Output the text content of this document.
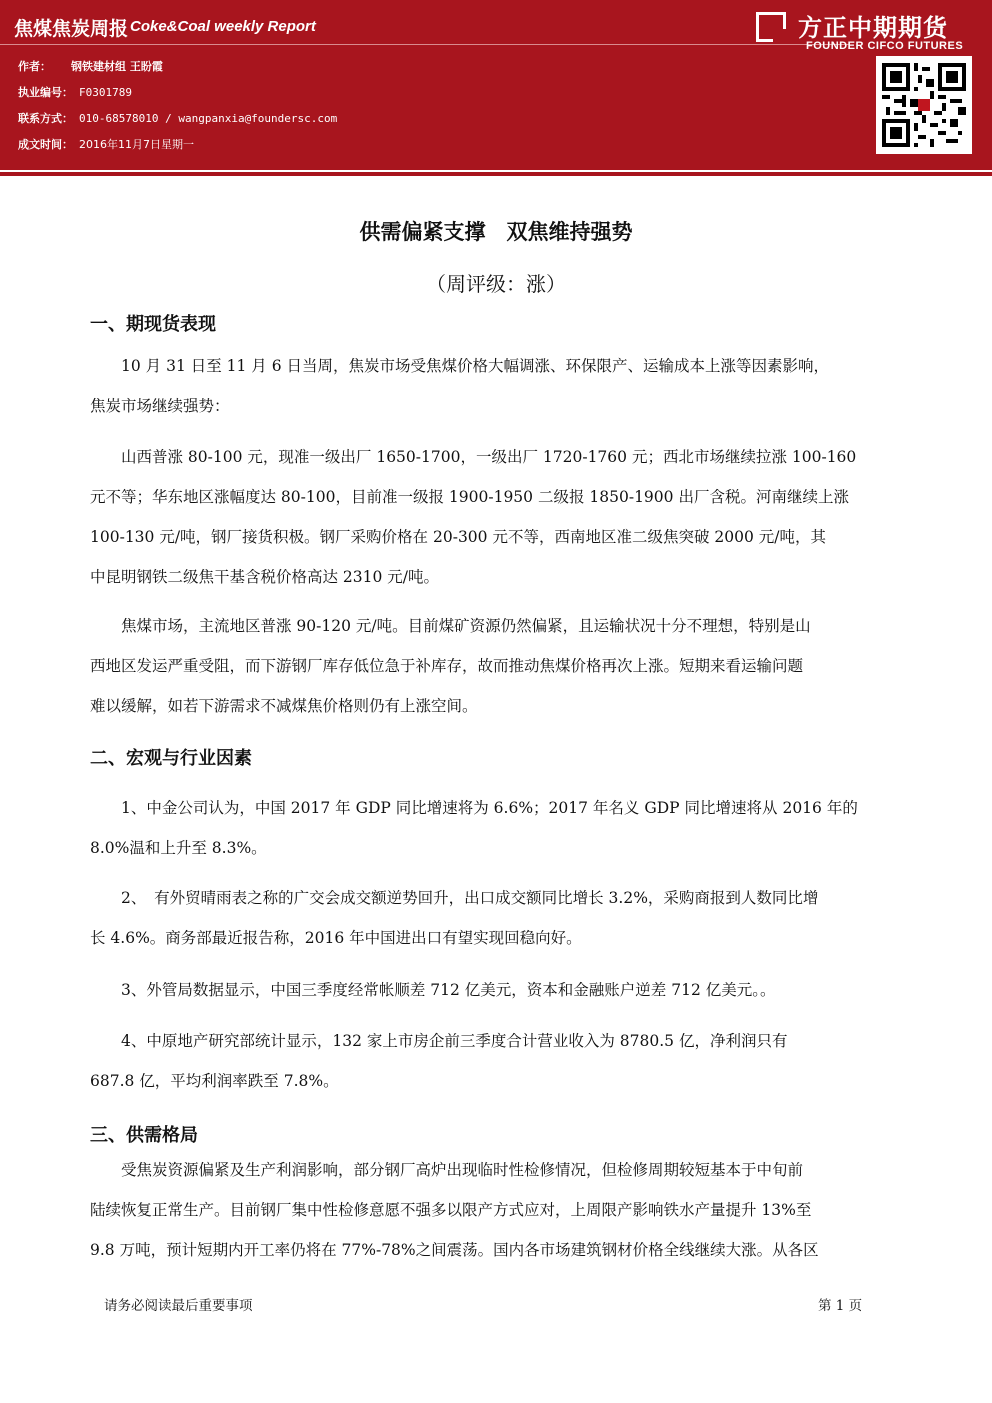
焦煤焦炭周报 Coke&Coal weekly Report
作者： 钢铁建材组 王盼霞
执业编号： F0301789
联系方式： 010-68578010 / wangpanxia@foundersc.com
成文时间： 2016年11月7日星期一
方正中期期货
FOUNDER CIFCO FUTURES
供需偏紧支撑　双焦维持强势
（周评级：涨）
一、期现货表现
　　10 月 31 日至 11 月 6 日当周，焦炭市场受焦煤价格大幅调涨、环保限产、运输成本上涨等因素影响，
焦炭市场继续强势：
　　山西普涨 80-100 元，现准一级出厂 1650-1700，一级出厂 1720-1760 元；西北市场继续拉涨 100-160
元不等；华东地区涨幅度达 80-100，目前准一级报 1900-1950 二级报 1850-1900 出厂含税。河南继续上涨
100-130 元/吨，钢厂接货积极。钢厂采购价格在 20-300 元不等，西南地区准二级焦突破 2000 元/吨，其
中昆明钢铁二级焦干基含税价格高达 2310 元/吨。
　　焦煤市场，主流地区普涨 90-120 元/吨。目前煤矿资源仍然偏紧，且运输状况十分不理想，特别是山
西地区发运严重受阻，而下游钢厂库存低位急于补库存，故而推动焦煤价格再次上涨。短期来看运输问题
难以缓解，如若下游需求不减煤焦价格则仍有上涨空间。
二、宏观与行业因素
　　1、中金公司认为，中国 2017 年 GDP 同比增速将为 6.6%；2017 年名义 GDP 同比增速将从 2016 年的
8.0%温和上升至 8.3%。
　　2、　有外贸晴雨表之称的广交会成交额逆势回升，出口成交额同比增长 3.2%，采购商报到人数同比增
长 4.6%。商务部最近报告称，2016 年中国进出口有望实现回稳向好。
　　3、外管局数据显示，中国三季度经常帐顺差 712 亿美元，资本和金融账户逆差 712 亿美元。。
　　4、中原地产研究部统计显示，132 家上市房企前三季度合计营业收入为 8780.5 亿，净利润只有
687.8 亿，平均利润率跌至 7.8%。
三、供需格局
　　受焦炭资源偏紧及生产利润影响，部分钢厂高炉出现临时性检修情况，但检修周期较短基本于中旬前
陆续恢复正常生产。目前钢厂集中性检修意愿不强多以限产方式应对，上周限产影响铁水产量提升 13%至
9.8 万吨，预计短期内开工率仍将在 77%-78%之间震荡。国内各市场建筑钢材价格全线继续大涨。从各区
请务必阅读最后重要事项	第 1 页
